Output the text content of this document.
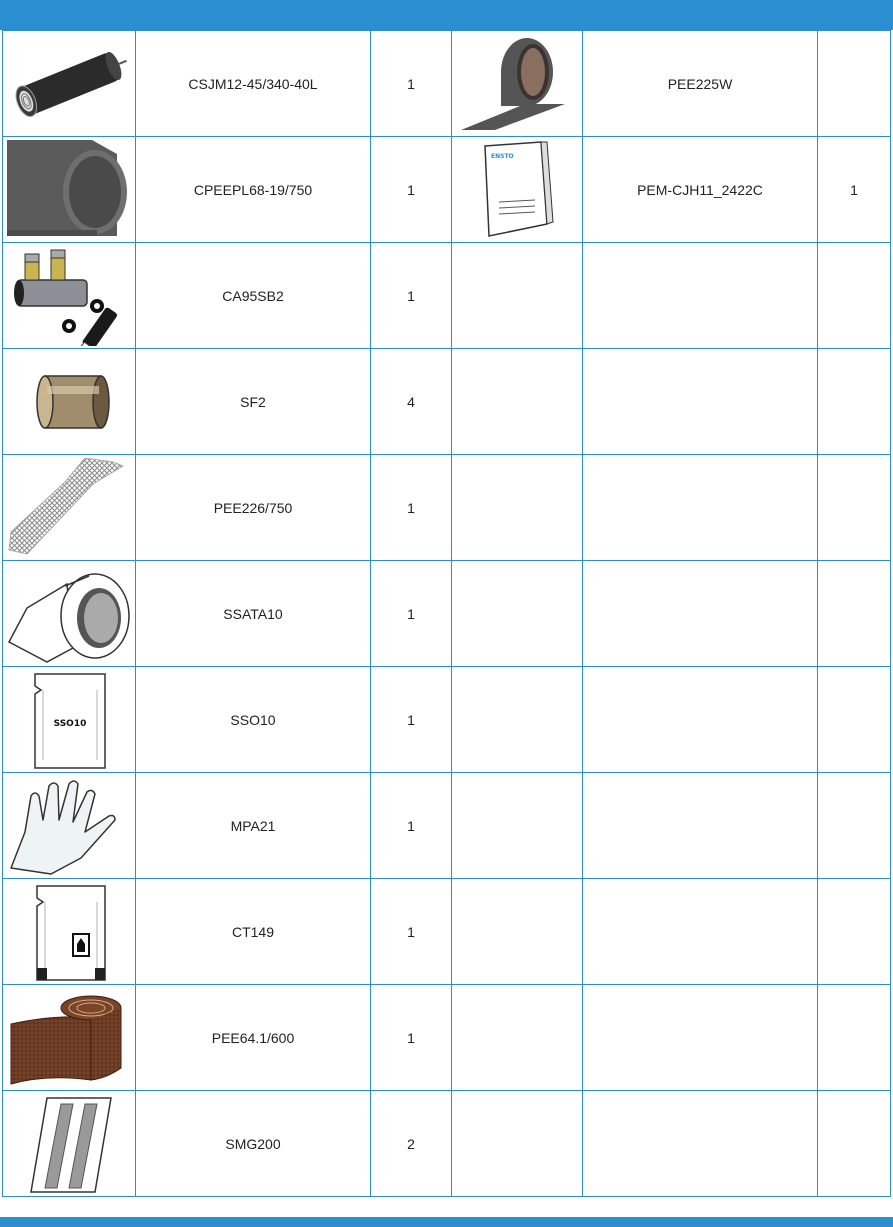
	CSJM12-45/340-40L	1		PEE225W	

	CPEEPL68-19/750	1	ENSTO	PEM-CJH11_2422C	1

	CA95SB2	1			

	SF2	4			

	PEE226/750	1			

	SSATA10	1			

SSO10	SSO10	1			

	MPA21	1			

	CT149	1			

	PEE64.1/600	1			

	SMG200	2			
